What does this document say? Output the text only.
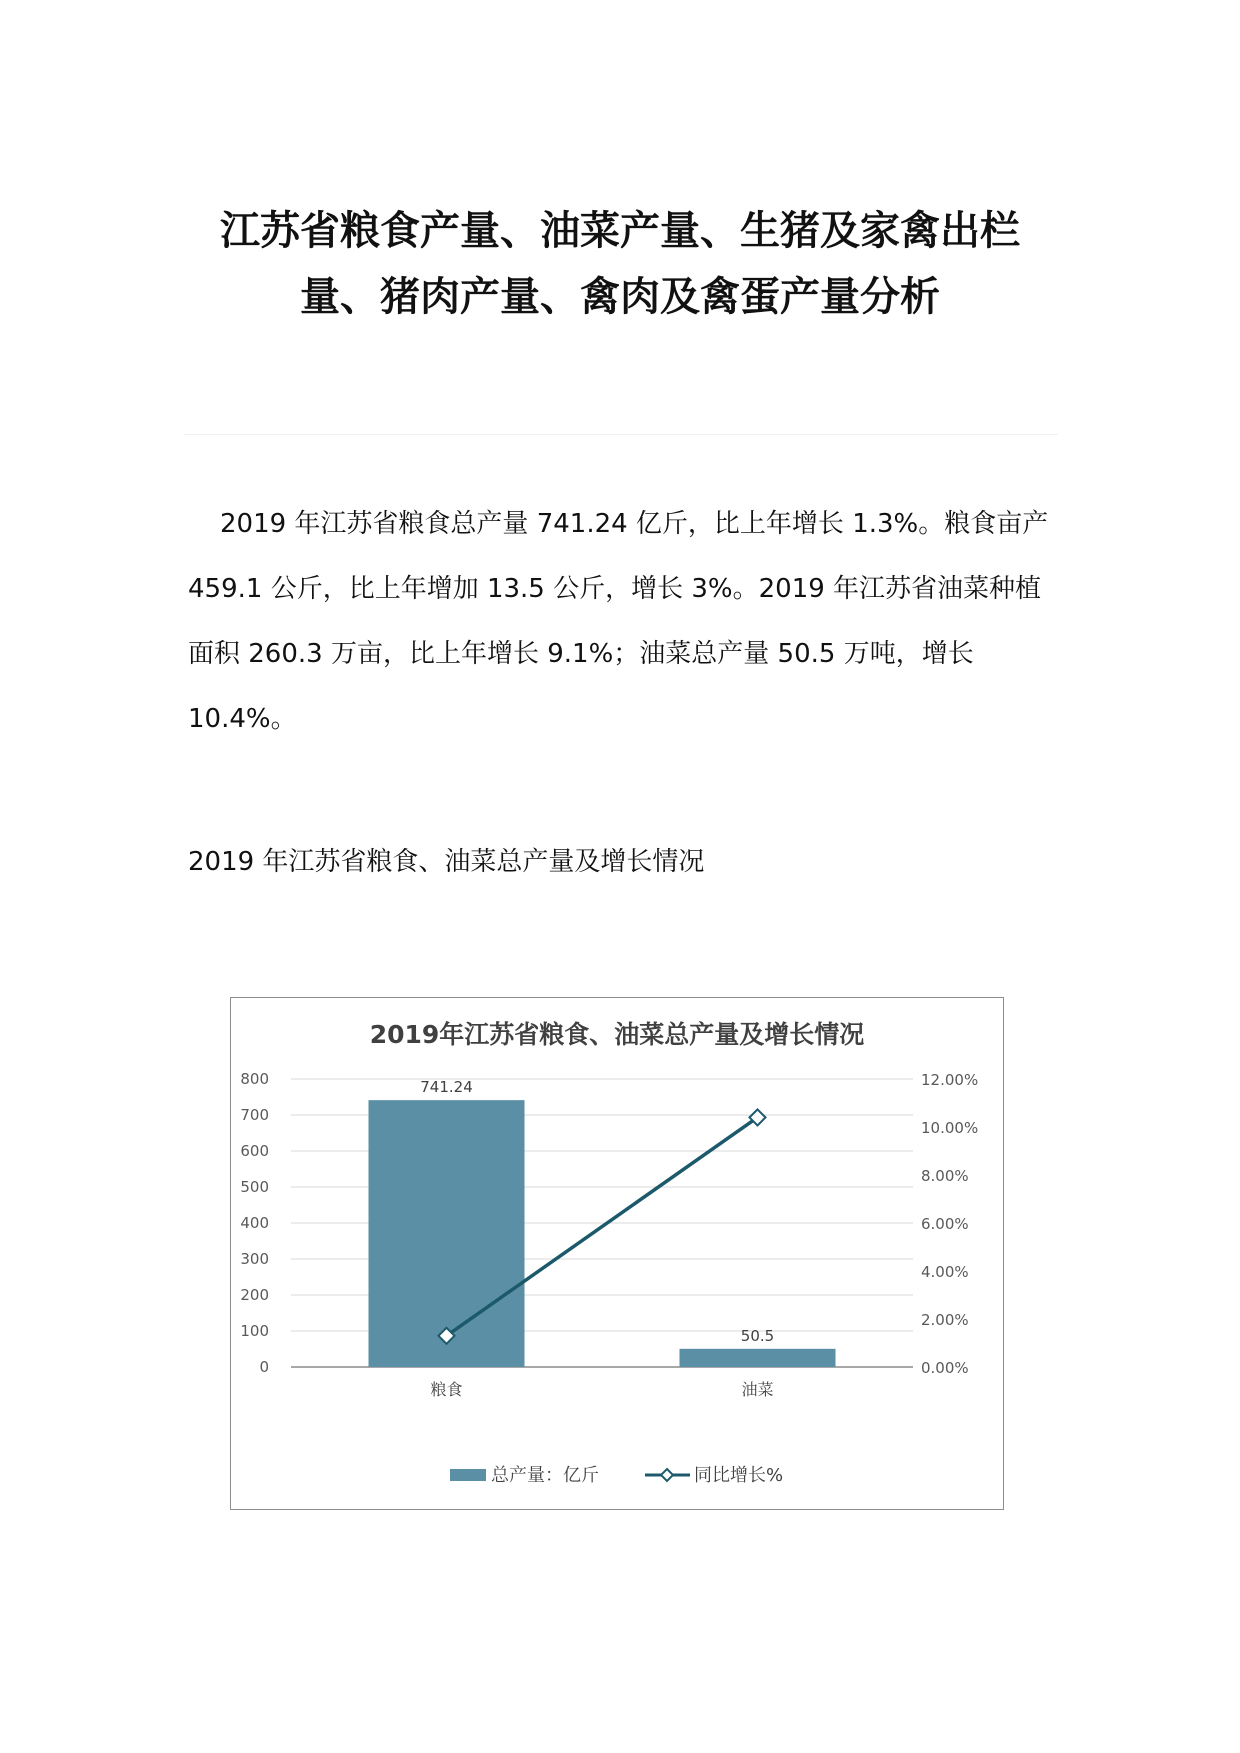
江苏省粮食产量、油菜产量、生猪及家禽出栏
量、猪肉产量、禽肉及禽蛋产量分析

2019 年江苏省粮食总产量 741.24 亿斤，比上年增长 1.3%。粮食亩产 459.1 公斤，比上年增加 13.5 公斤，增长 3%。2019 年江苏省油菜种植面积 260.3 万亩，比上年增长 9.1%；油菜总产量 50.5 万吨，增长 10.4%。

2019 年江苏省粮食、油菜总产量及增长情况

2019年江苏省粮食、油菜总产量及增长情况
0
100
200
300
400
500
600
700
800
0.00%
2.00%
4.00%
6.00%
8.00%
10.00%
12.00%
741.24
粮食
50.5
油菜
总产量：亿斤	同比增长%
